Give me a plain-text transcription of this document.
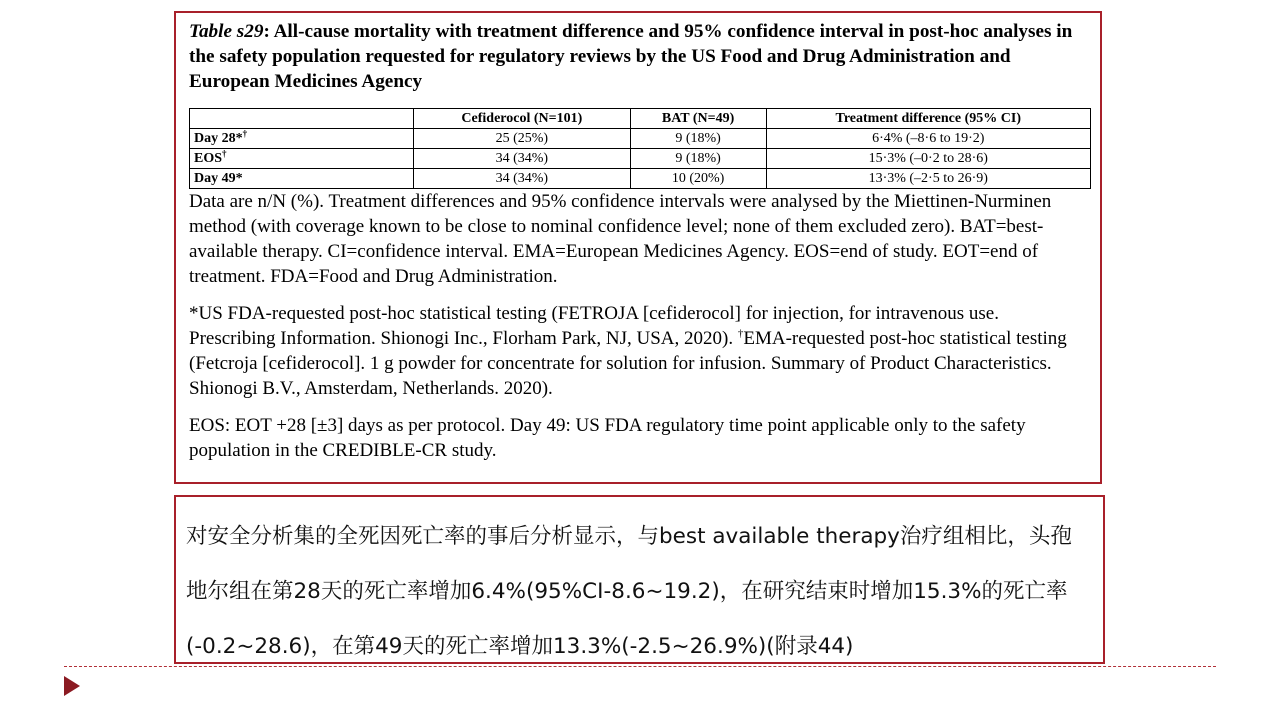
Table s29: All-cause mortality with treatment difference and 95% confidence interval in post-hoc analyses in the safety population requested for regulatory reviews by the US Food and Drug Administration and European Medicines Agency

	Cefiderocol (N=101)	BAT (N=49)	Treatment difference (95% CI)
Day 28*†	25 (25%)	9 (18%)	6·4% (–8·6 to 19·2)
EOS†	34 (34%)	9 (18%)	15·3% (–0·2 to 28·6)
Day 49*	34 (34%)	10 (20%)	13·3% (–2·5 to 26·9)

Data are n/N (%). Treatment differences and 95% confidence intervals were analysed by the Miettinen-Nurminen method (with coverage known to be close to nominal confidence level; none of them excluded zero). BAT=best-available therapy. CI=confidence interval. EMA=European Medicines Agency. EOS=end of study. EOT=end of treatment. FDA=Food and Drug Administration.

*US FDA-requested post-hoc statistical testing (FETROJA [cefiderocol] for injection, for intravenous use. Prescribing Information. Shionogi Inc., Florham Park, NJ, USA, 2020). †EMA-requested post-hoc statistical testing (Fetcroja [cefiderocol]. 1 g powder for concentrate for solution for infusion. Summary of Product Characteristics. Shionogi B.V., Amsterdam, Netherlands. 2020).

EOS: EOT +28 [±3] days as per protocol. Day 49: US FDA regulatory time point applicable only to the safety population in the CREDIBLE-CR study.

对安全分析集的全死因死亡率的事后分析显示，与best available therapy治疗组相比，头孢地尔组在第28天的死亡率增加6.4%(95%CI-8.6~19.2)，在研究结束时增加15.3%的死亡率(-0.2~28.6)，在第49天的死亡率增加13.3%(-2.5~26.9%)(附录44)
